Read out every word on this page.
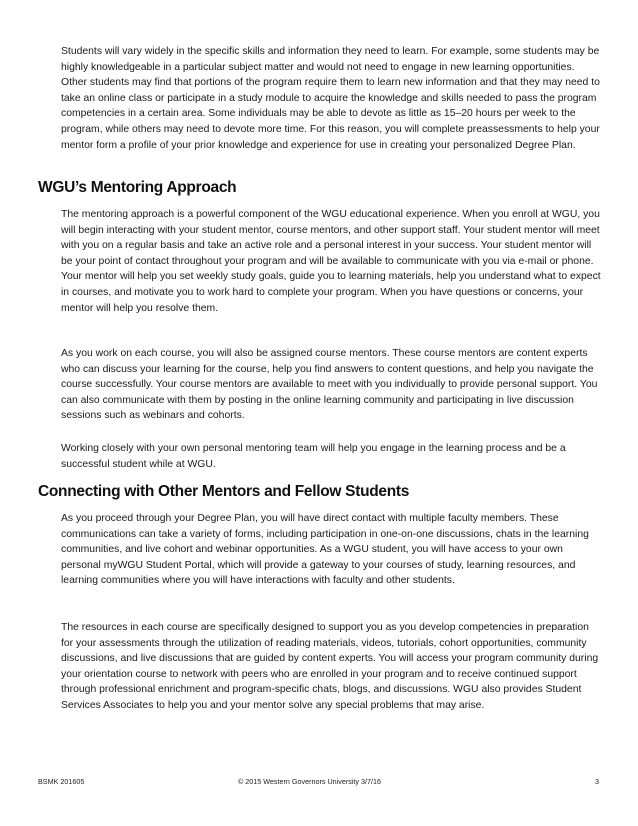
Students will vary widely in the specific skills and information they need to learn. For example, some students may be highly knowledgeable in a particular subject matter and would not need to engage in new learning opportunities. Other students may find that portions of the program require them to learn new information and that they may need to take an online class or participate in a study module to acquire the knowledge and skills needed to pass the program competencies in a certain area. Some individuals may be able to devote as little as 15–20 hours per week to the program, while others may need to devote more time. For this reason, you will complete preassessments to help your mentor form a profile of your prior knowledge and experience for use in creating your personalized Degree Plan.

WGU’s Mentoring Approach

The mentoring approach is a powerful component of the WGU educational experience. When you enroll at WGU, you will begin interacting with your student mentor, course mentors, and other support staff. Your student mentor will meet with you on a regular basis and take an active role and a personal interest in your success. Your student mentor will be your point of contact throughout your program and will be available to communicate with you via e-mail or phone. Your mentor will help you set weekly study goals, guide you to learning materials, help you understand what to expect in courses, and motivate you to work hard to complete your program. When you have questions or concerns, your mentor will help you resolve them.

As you work on each course, you will also be assigned course mentors. These course mentors are content experts who can discuss your learning for the course, help you find answers to content questions, and help you navigate the course successfully. Your course mentors are available to meet with you individually to provide personal support. You can also communicate with them by posting in the online learning community and participating in live discussion sessions such as webinars and cohorts.

Working closely with your own personal mentoring team will help you engage in the learning process and be a successful student while at WGU.

Connecting with Other Mentors and Fellow Students

As you proceed through your Degree Plan, you will have direct contact with multiple faculty members. These communications can take a variety of forms, including participation in one-on-one discussions, chats in the learning communities, and live cohort and webinar opportunities. As a WGU student, you will have access to your own personal myWGU Student Portal, which will provide a gateway to your courses of study, learning resources, and learning communities where you will have interactions with faculty and other students.

The resources in each course are specifically designed to support you as you develop competencies in preparation for your assessments through the utilization of reading materials, videos, tutorials, cohort opportunities, community discussions, and live discussions that are guided by content experts. You will access your program community during your orientation course to network with peers who are enrolled in your program and to receive continued support through professional enrichment and program-specific chats, blogs, and discussions. WGU also provides Student Services Associates to help you and your mentor solve any special problems that may arise.

BSMK 201605	© 2015 Western Governors University 3/7/16	3
